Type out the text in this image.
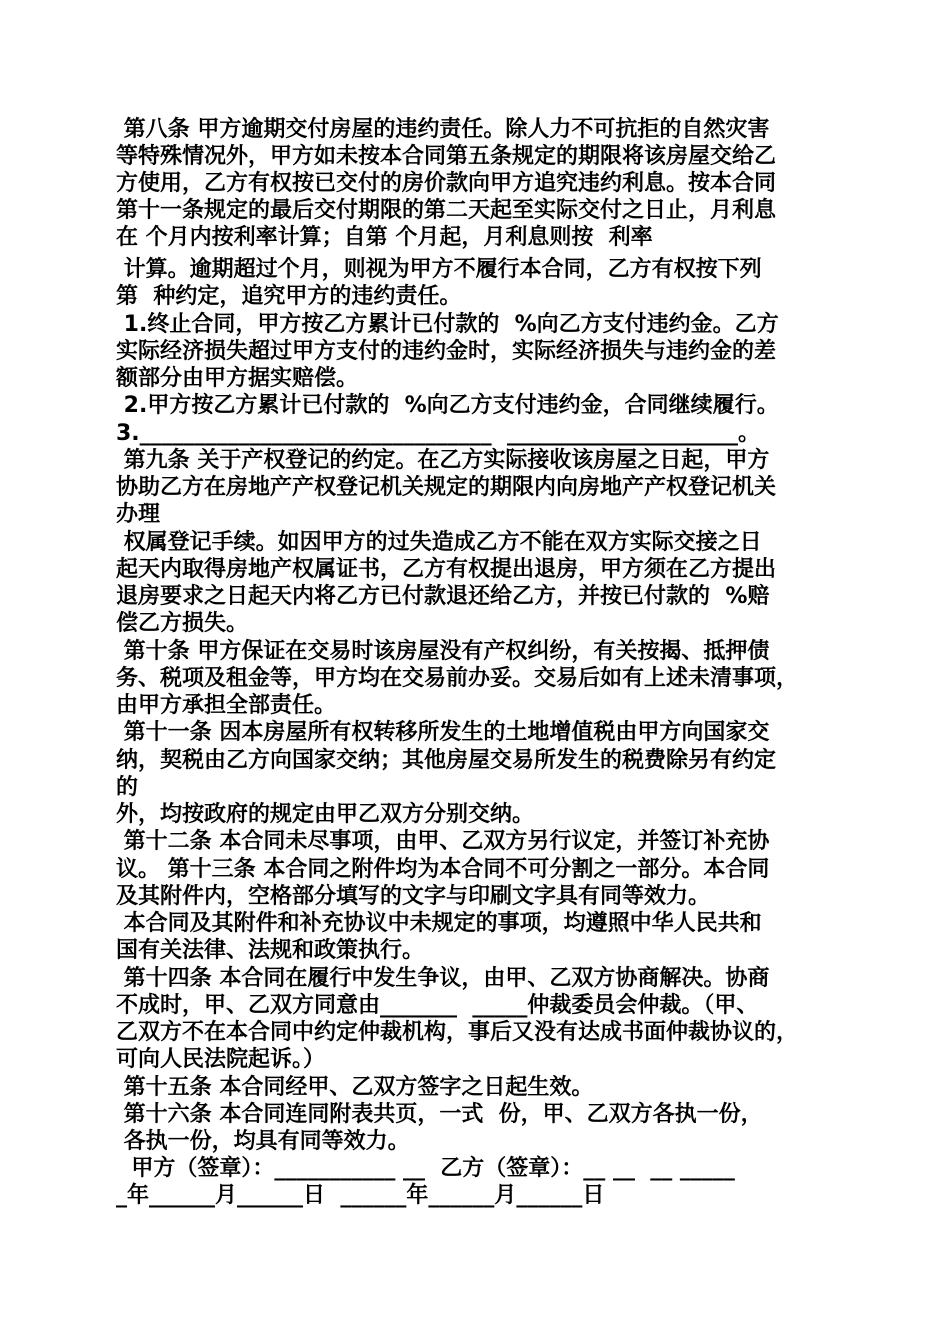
第八条 甲方逾期交付房屋的违约责任。除人力不可抗拒的自然灾害
等特殊情况外，甲方如未按本合同第五条规定的期限将该房屋交给乙
方使用，乙方有权按已交付的房价款向甲方追究违约利息。按本合同
第十一条规定的最后交付期限的第二天起至实际交付之日止，月利息
在 个月内按利率计算；自第 个月起，月利息则按  利率
计算。逾期超过个月，则视为甲方不履行本合同，乙方有权按下列
第  种约定，追究甲方的违约责任。
1.终止合同，甲方按乙方累计已付款的  %向乙方支付违约金。乙方
实际经济损失超过甲方支付的违约金时，实际经济损失与违约金的差
额部分由甲方据实赔偿。
2.甲方按乙方累计已付款的  %向乙方支付违约金，合同继续履行。
3.________________________________  _____________________。
第九条 关于产权登记的约定。在乙方实际接收该房屋之日起，甲方
协助乙方在房地产产权登记机关规定的期限内向房地产产权登记机关
办理
权属登记手续。如因甲方的过失造成乙方不能在双方实际交接之日
起天内取得房地产权属证书，乙方有权提出退房，甲方须在乙方提出
退房要求之日起天内将乙方已付款退还给乙方，并按已付款的  %赔
偿乙方损失。
第十条 甲方保证在交易时该房屋没有产权纠纷，有关按揭、抵押债
务、税项及租金等，甲方均在交易前办妥。交易后如有上述未清事项，
由甲方承担全部责任。
第十一条 因本房屋所有权转移所发生的土地增值税由甲方向国家交
纳，契税由乙方向国家交纳；其他房屋交易所发生的税费除另有约定
的
外，均按政府的规定由甲乙双方分别交纳。
第十二条 本合同未尽事项，由甲、乙双方另行议定，并签订补充协
议。 第十三条 本合同之附件均为本合同不可分割之一部分。本合同
及其附件内，空格部分填写的文字与印刷文字具有同等效力。
本合同及其附件和补充协议中未规定的事项，均遵照中华人民共和
国有关法律、法规和政策执行。
第十四条 本合同在履行中发生争议，由甲、乙双方协商解决。协商
不成时，甲、乙双方同意由_______  _____仲裁委员会仲裁。（甲、
乙双方不在本合同中约定仲裁机构，事后又没有达成书面仲裁协议的，
可向人民法院起诉。）
第十五条 本合同经甲、乙双方签字之日起生效。
第十六条 本合同连同附表共页，一式  份，甲、乙双方各执一份，
各执一份，均具有同等效力。
甲方（签章）：___________ __  乙方（签章）：__ __  __ _____
_年______月______日  ______年______月______日
